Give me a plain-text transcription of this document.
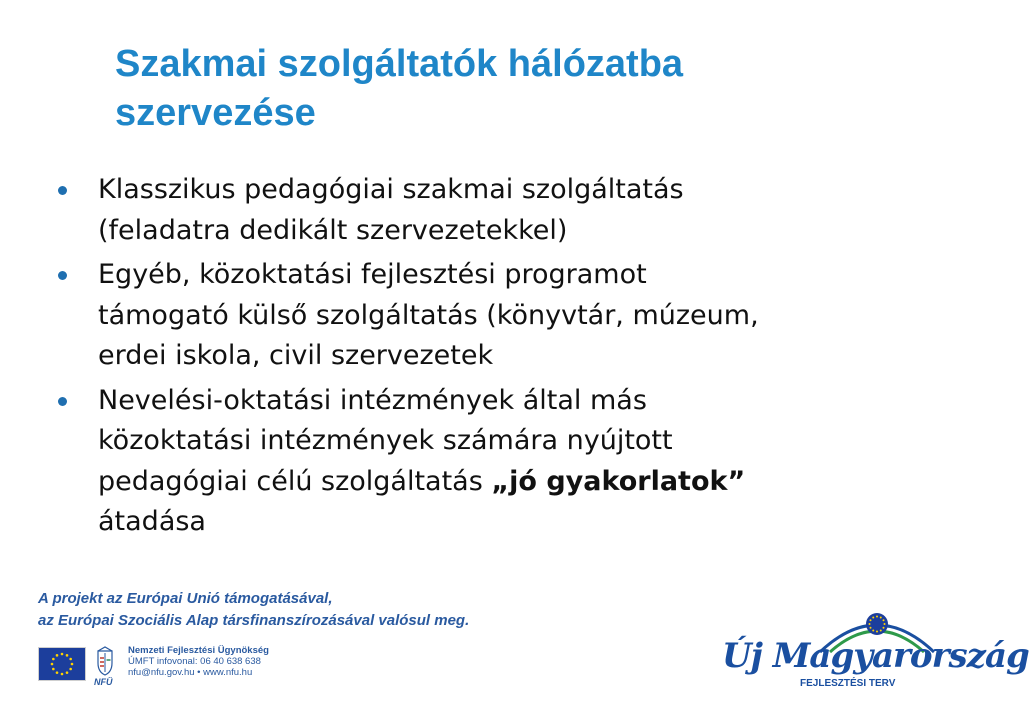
Szakmai szolgáltatók hálózatba
szervezése
Klasszikus pedagógiai szakmai szolgáltatás
(feladatra dedikált szervezetekkel)
Egyéb, közoktatási fejlesztési programot
támogató külső szolgáltatás (könyvtár, múzeum,
erdei iskola, civil szervezetek
Nevelési-oktatási intézmények által más
közoktatási intézmények számára nyújtott
pedagógiai célú szolgáltatás „jó gyakorlatok”
átadása
A projekt az Európai Unió támogatásával,
az Európai Szociális Alap társfinanszírozásával valósul meg.
NFÜ
Nemzeti Fejlesztési Ügynökség
ÚMFT infovonal: 06 40 638 638
nfu@nfu.gov.hu • www.nfu.hu	Új Magyarország
FEJLESZTÉSI TERV
